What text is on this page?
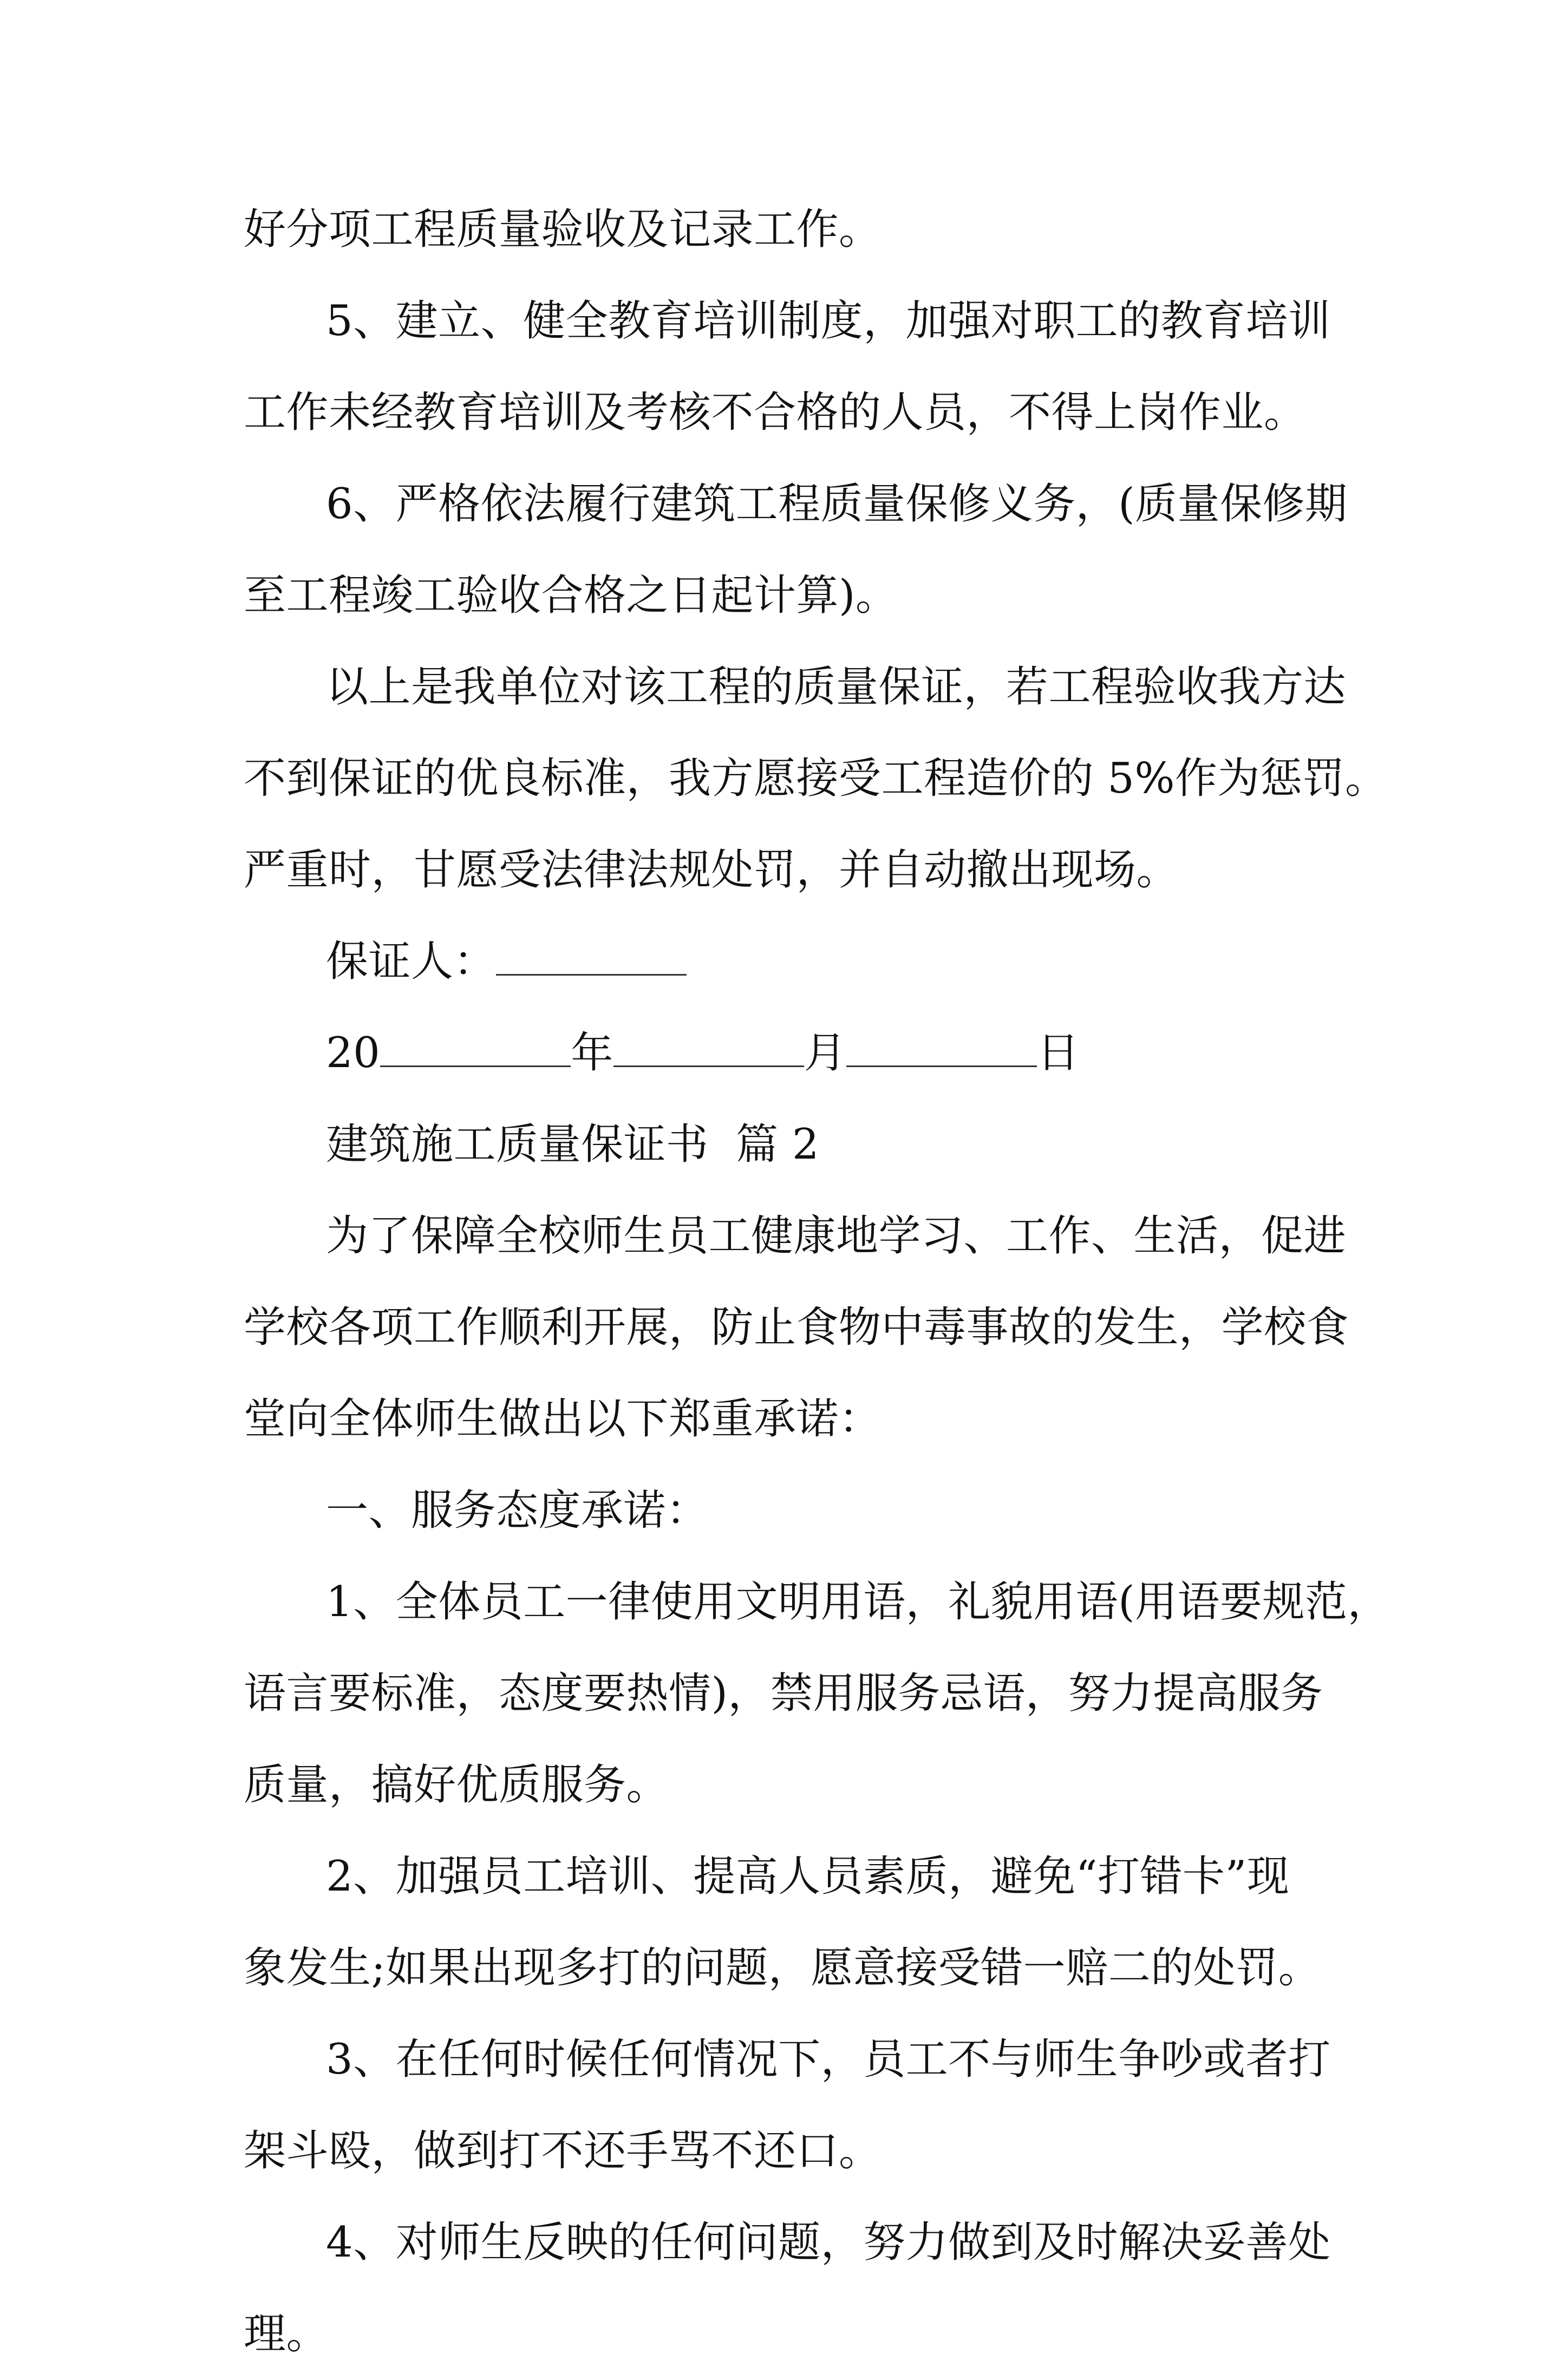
好分项工程质量验收及记录工作。
5、建立、健全教育培训制度，加强对职工的教育培训
工作未经教育培训及考核不合格的人员，不得上岗作业。
6、严格依法履行建筑工程质量保修义务，(质量保修期
至工程竣工验收合格之日起计算)。
以上是我单位对该工程的质量保证，若工程验收我方达
不到保证的优良标准，我方愿接受工程造价的 5%作为惩罚。
严重时，甘愿受法律法规处罚，并自动撤出现场。
保证人：
20	年	月	日
建筑施工质量保证书  篇 2
为了保障全校师生员工健康地学习、工作、生活，促进
学校各项工作顺利开展，防止食物中毒事故的发生，学校食
堂向全体师生做出以下郑重承诺：
一、服务态度承诺：
1、全体员工一律使用文明用语，礼貌用语(用语要规范，
语言要标准，态度要热情)，禁用服务忌语，努力提高服务
质量，搞好优质服务。
2、加强员工培训、提高人员素质，避免“打错卡”现
象发生;如果出现多打的问题，愿意接受错一赔二的处罚。
3、在任何时候任何情况下，员工不与师生争吵或者打
架斗殴，做到打不还手骂不还口。
4、对师生反映的任何问题，努力做到及时解决妥善处
理。
